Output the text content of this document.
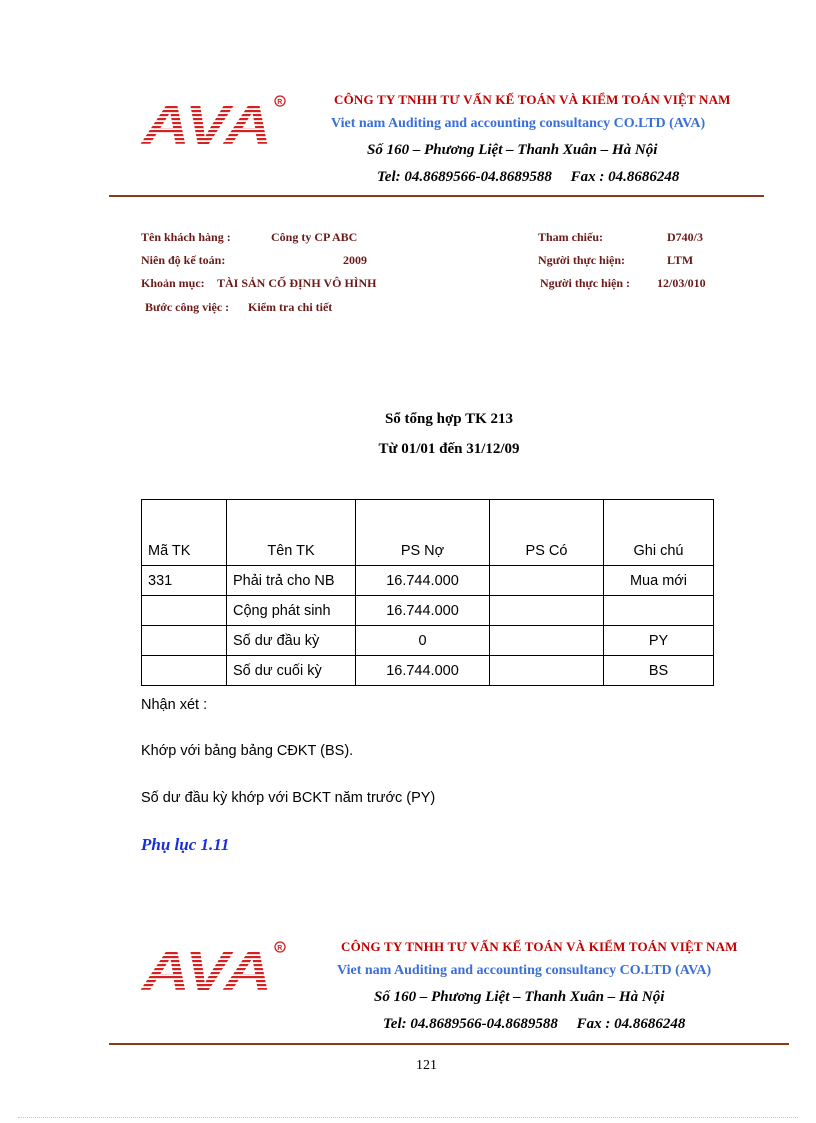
AVA R	CÔNG TY TNHH TƯ VẤN KẾ TOÁN VÀ KIỂM TOÁN VIỆT NAM
Viet nam Auditing and accounting consultancy CO.LTD (AVA)
Số 160 – Phương Liệt – Thanh Xuân – Hà Nội
Tel: 04.8689566-04.8689588     Fax : 04.8686248
Tên khách hàng :	Công ty CP ABC
Niên độ kế toán:	2009
Khoản mục: TÀI SẢN CỐ ĐỊNH VÔ HÌNH
Bước công việc : Kiểm tra chi tiết
Tham chiếu:	D740/3
Người thực hiện:	LTM
Người thực hiện : 12/03/010
Sổ tổng hợp TK 213
Từ 01/01 đến 31/12/09
Mã TK	Tên TK	PS Nợ	PS Có	Ghi chú
331	Phải trả cho NB	16.744.000		Mua mới
	Cộng phát sinh	16.744.000		
	Số dư đầu kỳ	0		PY
	Số dư cuối kỳ	16.744.000		BS
Nhận xét :
Khớp với bảng bảng CĐKT (BS).
Số dư đầu kỳ khớp với BCKT năm trước (PY)
Phụ lục 1.11
AVA R	CÔNG TY TNHH TƯ VẤN KẾ TOÁN VÀ KIỂM TOÁN VIỆT NAM
Viet nam Auditing and accounting consultancy CO.LTD (AVA)
Số 160 – Phương Liệt – Thanh Xuân – Hà Nội
Tel: 04.8689566-04.8689588     Fax : 04.8686248
121
